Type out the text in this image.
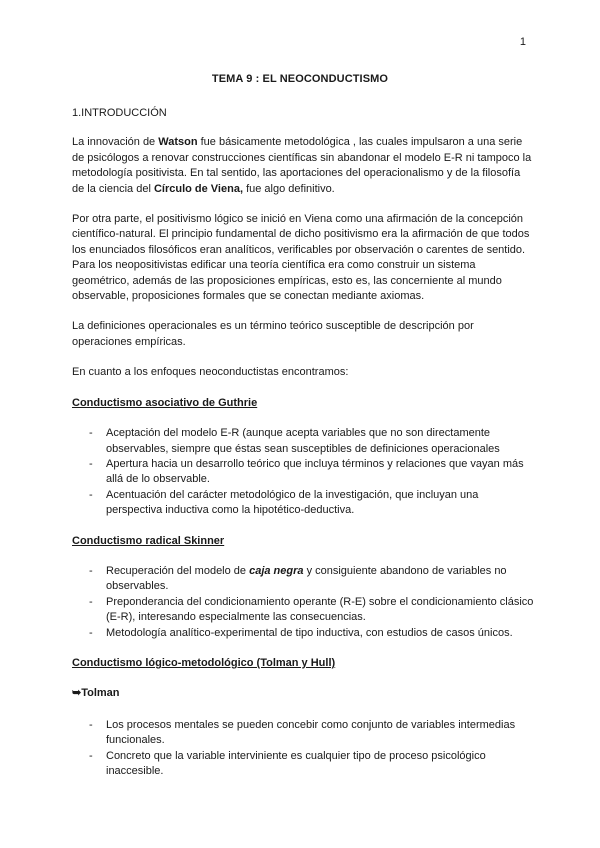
1
TEMA 9 : EL NEOCONDUCTISMO
1.INTRODUCCIÓN

La innovación de Watson fue básicamente metodológica , las cuales impulsaron a una serie de psicólogos a renovar construcciones científicas sin abandonar el modelo E-R ni tampoco la metodología positivista. En tal sentido, las aportaciones del operacionalismo y de la filosofía de la ciencia del Círculo de Viena, fue algo definitivo.

Por otra parte, el positivismo lógico se inició en Viena como una afirmación de la concepción científico-natural. El principio fundamental de dicho positivismo era la afirmación de que todos los enunciados filosóficos eran analíticos, verificables por observación o carentes de sentido. Para los neopositivistas edificar una teoría científica era como construir un sistema geométrico, además de las proposiciones empíricas, esto es, las concerniente al mundo observable, proposiciones formales que se conectan mediante axiomas.

La definiciones operacionales es un término teórico susceptible de descripción por operaciones empíricas.

En cuanto a los enfoques neoconductistas encontramos:

Conductismo asociativo de Guthrie
- Aceptación del modelo E-R (aunque acepta variables que no son directamente observables, siempre que éstas sean susceptibles de definiciones operacionales
- Apertura hacia un desarrollo teórico que incluya términos y relaciones que vayan más allá de lo observable.
- Acentuación del carácter metodológico de la investigación, que incluyan una perspectiva inductiva como la hipotético-deductiva.
Conductismo radical Skinner
- Recuperación del modelo de caja negra y consiguiente abandono de variables no observables.
- Preponderancia del condicionamiento operante (R-E) sobre el condicionamiento clásico (E-R), interesando especialmente las consecuencias.
- Metodología analítico-experimental de tipo inductiva, con estudios de casos únicos.
Conductismo lógico-metodológico (Tolman y Hull)
➥Tolman
- Los procesos mentales se pueden concebir como conjunto de variables intermedias funcionales.
- Concreto que la variable interviniente es cualquier tipo de proceso psicológico inaccesible.
